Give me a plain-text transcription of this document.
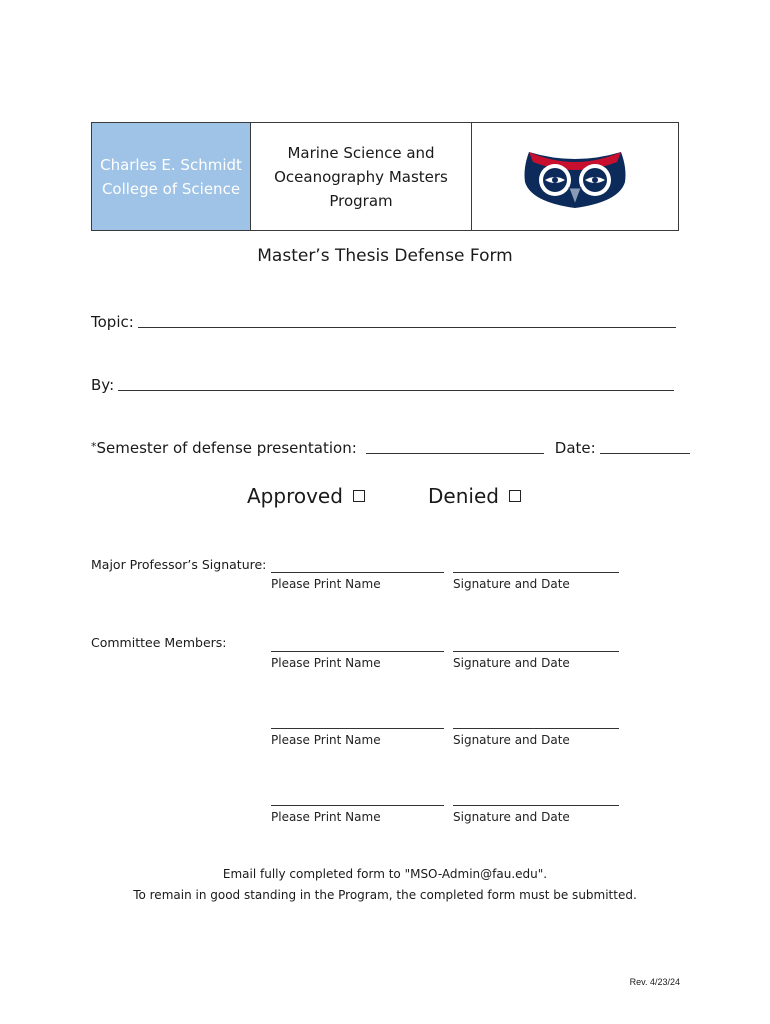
Charles E. Schmidt
College of Science
Marine Science and
Oceanography Masters
Program
Master’s Thesis Defense Form
Topic:
By:
* Semester of defense presentation:	Date:
Approved	Denied
Major Professor’s Signature:
Please Print Name	Signature and Date
Committee Members:
Please Print Name	Signature and Date
Please Print Name	Signature and Date
Please Print Name	Signature and Date
Email fully completed form to "MSO-Admin@fau.edu".
To remain in good standing in the Program, the completed form must be submitted.
Rev. 4/23/24
